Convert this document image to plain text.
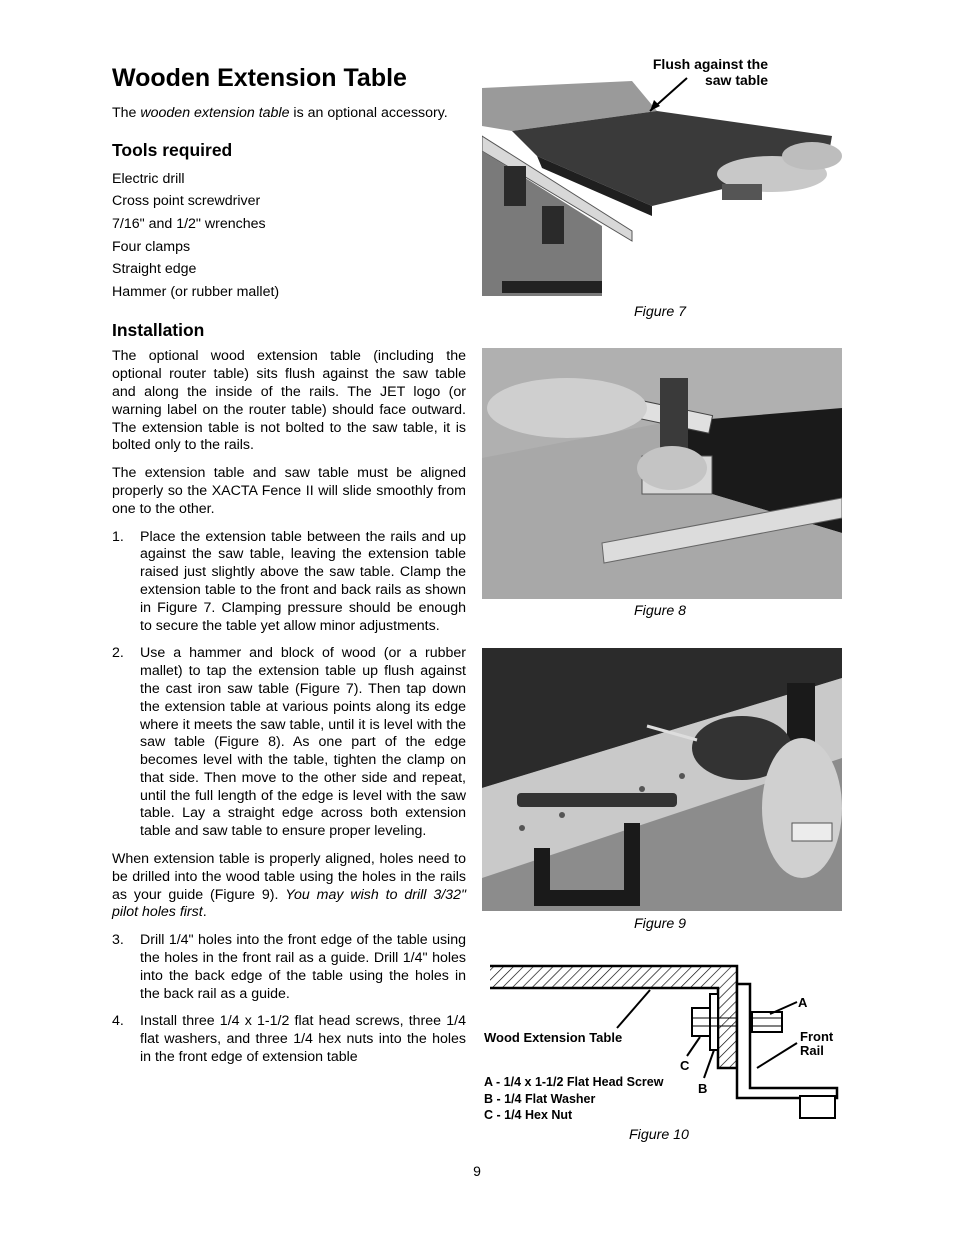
Wooden Extension Table

The wooden extension table is an optional accessory.

Tools required
Electric drill
Cross point screwdriver
7/16" and 1/2" wrenches
Four clamps
Straight edge
Hammer (or rubber mallet)
Installation

The optional wood extension table (including the optional router table) sits flush against the saw table and along the inside of the rails. The JET logo (or warning label on the router table) should face outward. The extension table is not bolted to the saw table, it is bolted only to the rails.

The extension table and saw table must be aligned properly so the XACTA Fence II will slide smoothly from one to the other.

1. Place the extension table between the rails and up against the saw table, leaving the extension table raised just slightly above the saw table. Clamp the extension table to the front and back rails as shown in Figure 7. Clamping pressure should be enough to secure the table yet allow minor adjustments.
2. Use a hammer and block of wood (or a rubber mallet) to tap the extension table up flush against the cast iron saw table (Figure 7). Then tap down the extension table at various points along its edge where it meets the saw table, until it is level with the saw table (Figure 8). As one part of the edge becomes level with the table, tighten the clamp on that side. Then move to the other side and repeat, until the full length of the edge is level with the saw table. Lay a straight edge across both extension table and saw table to ensure proper leveling.

When extension table is properly aligned, holes need to be drilled into the wood table using the holes in the rails as your guide (Figure 9). You may wish to drill 3/32" pilot holes first.

3. Drill 1/4" holes into the front edge of the table using the holes in the front rail as a guide. Drill 1/4" holes into the back edge of the table using the holes in the back rail as a guide.
4. Install three 1/4 x 1-1/2 flat head screws, three 1/4 flat washers, and three 1/4 hex nuts into the holes in the front edge of extension table
Flush against the
saw table
Figure 7
Figure 8
Figure 9
Wood Extension Table
A
C
B
Front
Rail
A - 1/4 x 1-1/2 Flat Head Screw
B - 1/4 Flat Washer
C - 1/4 Hex Nut
Figure 10
9
